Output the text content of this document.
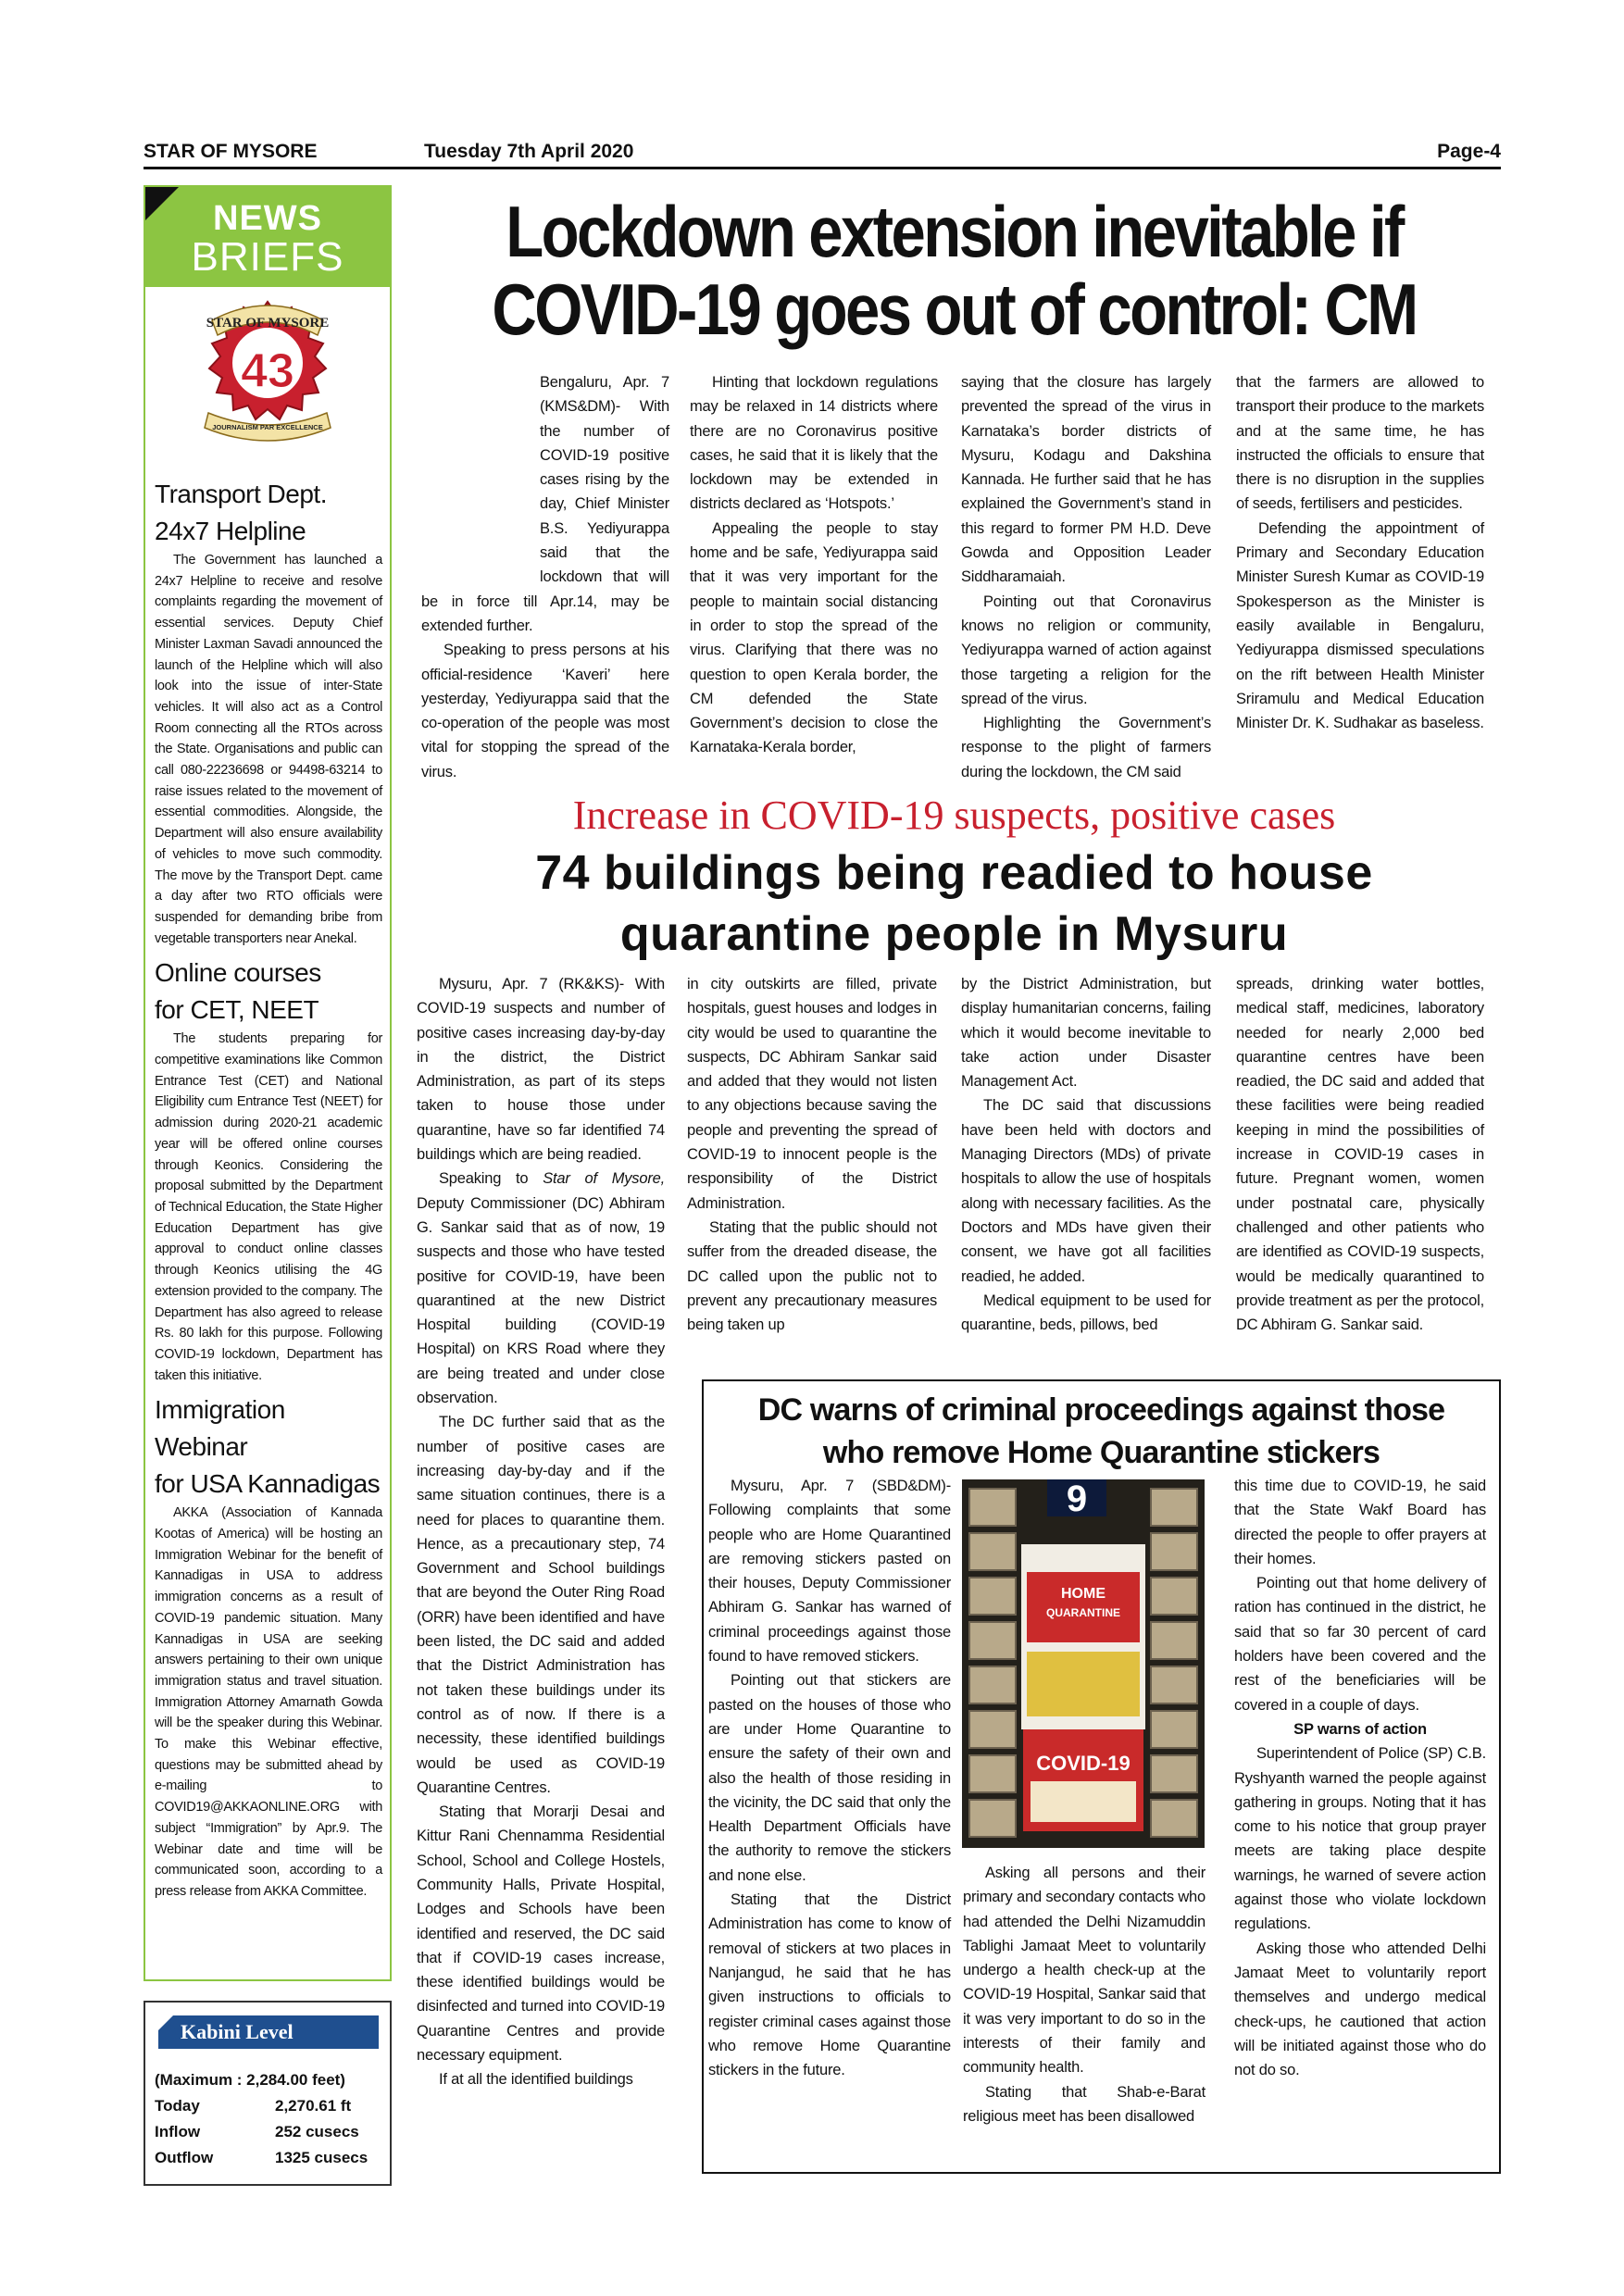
STAR OF MYSORE	Tuesday 7th April 2020	Page-4
NEWS
BRIEFS
STAR OF MYSORE
Estd. 1978
43
JOURNALISM PAR EXCELLENCE
Transport Dept.
24x7 Helpline

The Government has launched a 24x7 Helpline to receive and resolve complaints regarding the movement of essential services. Deputy Chief Minister Laxman Savadi announced the launch of the Helpline which will also look into the issue of inter-State vehicles. It will also act as a Control Room connecting all the RTOs across the State. Organisations and public can call 080-22236698 or 94498-63214 to raise issues related to the movement of essential commodities. Alongside, the Department will also ensure availability of vehicles to move such commodity. The move by the Transport Dept. came a day after two RTO officials were suspended for demanding bribe from vegetable transporters near Anekal.

Online courses
for CET, NEET

The students preparing for competitive examinations like Common Entrance Test (CET) and National Eligibility cum Entrance Test (NEET) for admission during 2020-21 academic year will be offered online courses through Keonics. Considering the proposal submitted by the Department of Technical Education, the State Higher Education Department has give approval to conduct online classes through Keonics utilising the 4G extension provided to the company. The Department has also agreed to release Rs. 80 lakh for this purpose. Following COVID-19 lockdown, Department has taken this initiative.

Immigration Webinar
for USA Kannadigas

AKKA (Association of Kannada Kootas of America) will be hosting an Immigration Webinar for the benefit of Kannadigas in USA to address immigration concerns as a result of COVID-19 pandemic situation. Many Kannadigas in USA are seeking answers pertaining to their own unique immigration status and travel situation. Immigration Attorney Amarnath Gowda will be the speaker during this Webinar. To make this Webinar effective, questions may be submitted ahead by e-mailing to COVID19@AKKAONLINE.ORG with subject “Immigration” by Apr.9. The Webinar date and time will be communicated soon, according to a press release from AKKA Committee.

Kabini Level
(Maximum : 2,284.00 feet)
Today	2,270.61 ft
Inflow	252 cusecs
Outflow	1325 cusecs
Lockdown extension inevitable if
COVID-19 goes out of control: CM

Bengaluru, Apr. 7 (KMS&DM)- With the number of COVID-19 positive cases rising by the day, Chief Minister B.S. Yediyurappa said that the lockdown that will be in force till Apr.14, may be extended further.

Speaking to press persons at his official-residence ‘Kaveri’ here yesterday, Yediyurappa said that the co-operation of the people was most vital for stopping the spread of the virus.

Hinting that lockdown regulations may be relaxed in 14 districts where there are no Coronavirus positive cases, he said that it is likely that the lockdown may be extended in districts declared as ‘Hotspots.’

Appealing the people to stay home and be safe, Yediyurappa said that it was very important for the people to maintain social distancing in order to stop the spread of the virus. Clarifying that there was no question to open Kerala border, the CM defended the State Government’s decision to close the Karnataka-Kerala border,

saying that the closure has largely prevented the spread of the virus in Karnataka’s border districts of Mysuru, Kodagu and Dakshina Kannada. He further said that he has explained the Government’s stand in this regard to former PM H.D. Deve Gowda and Opposition Leader Siddharamaiah.

Pointing out that Coronavirus knows no religion or community, Yediyurappa warned of action against those targeting a religion for the spread of the virus.

Highlighting the Government’s response to the plight of farmers during the lockdown, the CM said

that the farmers are allowed to transport their produce to the markets and at the same time, he has instructed the officials to ensure that there is no disruption in the supplies of seeds, fertilisers and pesticides.

Defending the appointment of Primary and Secondary Education Minister Suresh Kumar as COVID-19 Spokesperson as the Minister is easily available in Bengaluru, Yediyurappa dismissed speculations on the rift between Health Minister Sriramulu and Medical Education Minister Dr. K. Sudhakar as baseless.

Increase in COVID-19 suspects, positive cases
74 buildings being readied to house
quarantine people in Mysuru

Mysuru, Apr. 7 (RK&KS)- With COVID-19 suspects and number of positive cases increasing day-by-day in the district, the District Administration, as part of its steps taken to house those under quarantine, have so far identified 74 buildings which are being readied.

Speaking to Star of Mysore, Deputy Commissioner (DC) Abhiram G. Sankar said that as of now, 19 suspects and those who have tested positive for COVID-19, have been quarantined at the new District Hospital building (COVID-19 Hospital) on KRS Road where they are being treated and under close observation.

The DC further said that as the number of positive cases are increasing day-by-day and if the same situation continues, there is a need for places to quarantine them. Hence, as a precautionary step, 74 Government and School buildings that are beyond the Outer Ring Road (ORR) have been identified and have been listed, the DC said and added that the District Administration has not taken these buildings under its control as of now. If there is a necessity, these identified buildings would be used as COVID-19 Quarantine Centres.

Stating that Morarji Desai and Kittur Rani Chennamma Residential School, School and College Hostels, Community Halls, Private Hospital, Lodges and Schools have been identified and reserved, the DC said that if COVID-19 cases increase, these identified buildings would be disinfected and turned into COVID-19 Quarantine Centres and provide necessary equipment.

If at all the identified buildings

in city outskirts are filled, private hospitals, guest houses and lodges in city would be used to quarantine the suspects, DC Abhiram Sankar said and added that they would not listen to any objections because saving the people and preventing the spread of COVID-19 to innocent people is the responsibility of the District Administration.

Stating that the public should not suffer from the dreaded disease, the DC called upon the public not to prevent any precautionary measures being taken up

by the District Administration, but display humanitarian concerns, failing which it would become inevitable to take action under Disaster Management Act.

The DC said that discussions have been held with doctors and Managing Directors (MDs) of private hospitals to allow the use of hospitals along with necessary facilities. As the Doctors and MDs have given their consent, we have got all facilities readied, he added.

Medical equipment to be used for quarantine, beds, pillows, bed

spreads, drinking water bottles, medical staff, medicines, laboratory needed for nearly 2,000 bed quarantine centres have been readied, the DC said and added that these facilities were being readied keeping in mind the possibilities of increase in COVID-19 cases in future. Pregnant women, women under postnatal care, physically challenged and other patients who are identified as COVID-19 suspects, would be medically quarantined to provide treatment as per the protocol, DC Abhiram G. Sankar said.

DC warns of criminal proceedings against those
who remove Home Quarantine stickers
9
HOME
QUARANTINE
COVID-19

Mysuru, Apr. 7 (SBD&DM)- Following complaints that some people who are Home Quarantined are removing stickers pasted on their houses, Deputy Commissioner Abhiram G. Sankar has warned of criminal proceedings against those found to have removed stickers.

Pointing out that stickers are pasted on the houses of those who are under Home Quarantine to ensure the safety of their own and also the health of those residing in the vicinity, the DC said that only the Health Department Officials have the authority to remove the stickers and none else.

Stating that the District Administration has come to know of removal of stickers at two places in Nanjangud, he said that he has given instructions to officials to register criminal cases against those who remove Home Quarantine stickers in the future.

Asking all persons and their primary and secondary contacts who had attended the Delhi Nizamuddin Tablighi Jamaat Meet to voluntarily undergo a health check-up at the COVID-19 Hospital, Sankar said that it was very important to do so in the interests of their family and community health.

Stating that Shab-e-Barat religious meet has been disallowed

this time due to COVID-19, he said that the State Wakf Board has directed the people to offer prayers at their homes.

Pointing out that home delivery of ration has continued in the district, he said that so far 30 percent of card holders have been covered and the rest of the beneficiaries will be covered in a couple of days.

SP warns of action

Superintendent of Police (SP) C.B. Ryshyanth warned the people against gathering in groups. Noting that it has come to his notice that group prayer meets are taking place despite warnings, he warned of severe action against those who violate lockdown regulations.

Asking those who attended Delhi Jamaat Meet to voluntarily report themselves and undergo medical check-ups, he cautioned that action will be initiated against those who do not do so.
